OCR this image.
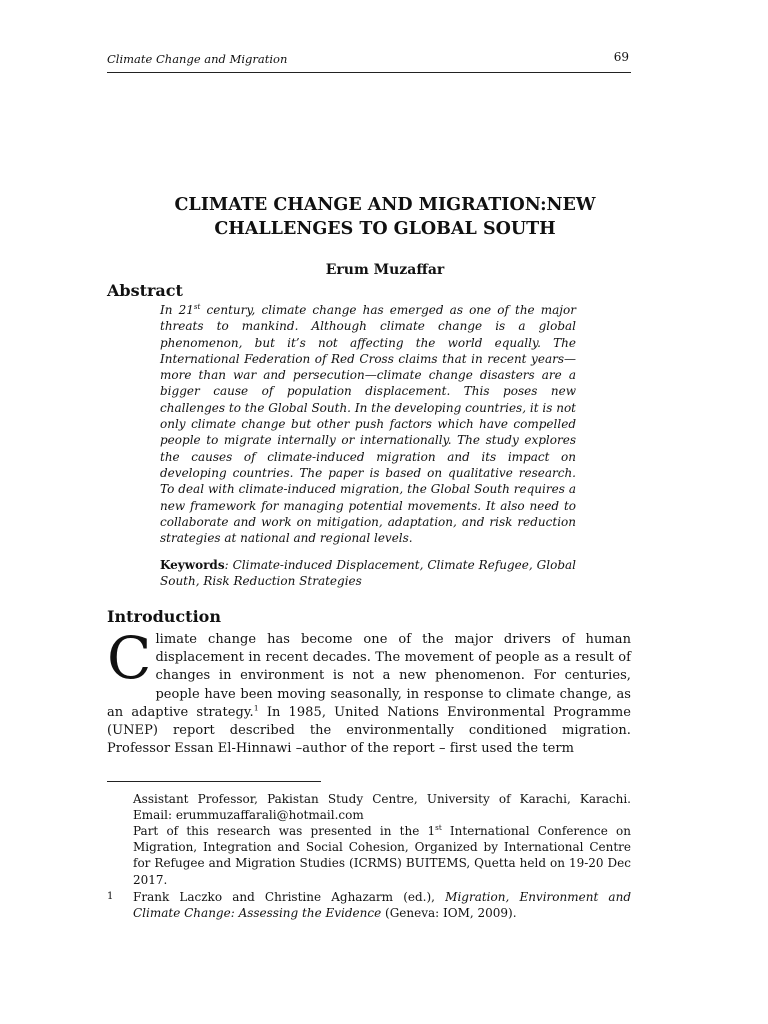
Climate Change and Migration	69
CLIMATE CHANGE AND MIGRATION:NEW
CHALLENGES TO GLOBAL SOUTH
Erum Muzaffar
Abstract

In 21st century, climate change has emerged as one of the major threats to mankind. Although climate change is a global phenomenon, but it’s not affecting the world equally. The International Federation of Red Cross claims that in recent years—more than war and persecution—climate change disasters are a bigger cause of population displacement. This poses new challenges to the Global South. In the developing countries, it is not only climate change but other push factors which have compelled people to migrate internally or internationally. The study explores the causes of climate-induced migration and its impact on developing countries. The paper is based on qualitative research. To deal with climate-induced migration, the Global South requires a new framework for managing potential movements. It also need to collaborate and work on mitigation, adaptation, and risk reduction strategies at national and regional levels.

Keywords: Climate-induced Displacement, Climate Refugee, Global South, Risk Reduction Strategies

Introduction

Climate change has become one of the major drivers of human displacement in recent decades. The movement of people as a result of changes in environment is not a new phenomenon. For centuries, people have been moving seasonally, in response to climate change, as an adaptive strategy.$^1$ In 1985, United Nations Environmental Programme (UNEP) report described the environmentally conditioned migration. Professor Essan El-Hinnawi –author of the report – first used the term

Assistant Professor, Pakistan Study Centre, University of Karachi, Karachi. Email: erummuzaffarali@hotmail.com

Part of this research was presented in the 1st International Conference on Migration, Integration and Social Cohesion, Organized by International Centre for Refugee and Migration Studies (ICRMS) BUITEMS, Quetta held on 19-20 Dec 2017.

1 Frank Laczko and Christine Aghazarm (ed.), Migration, Environment and Climate Change: Assessing the Evidence (Geneva: IOM, 2009).
